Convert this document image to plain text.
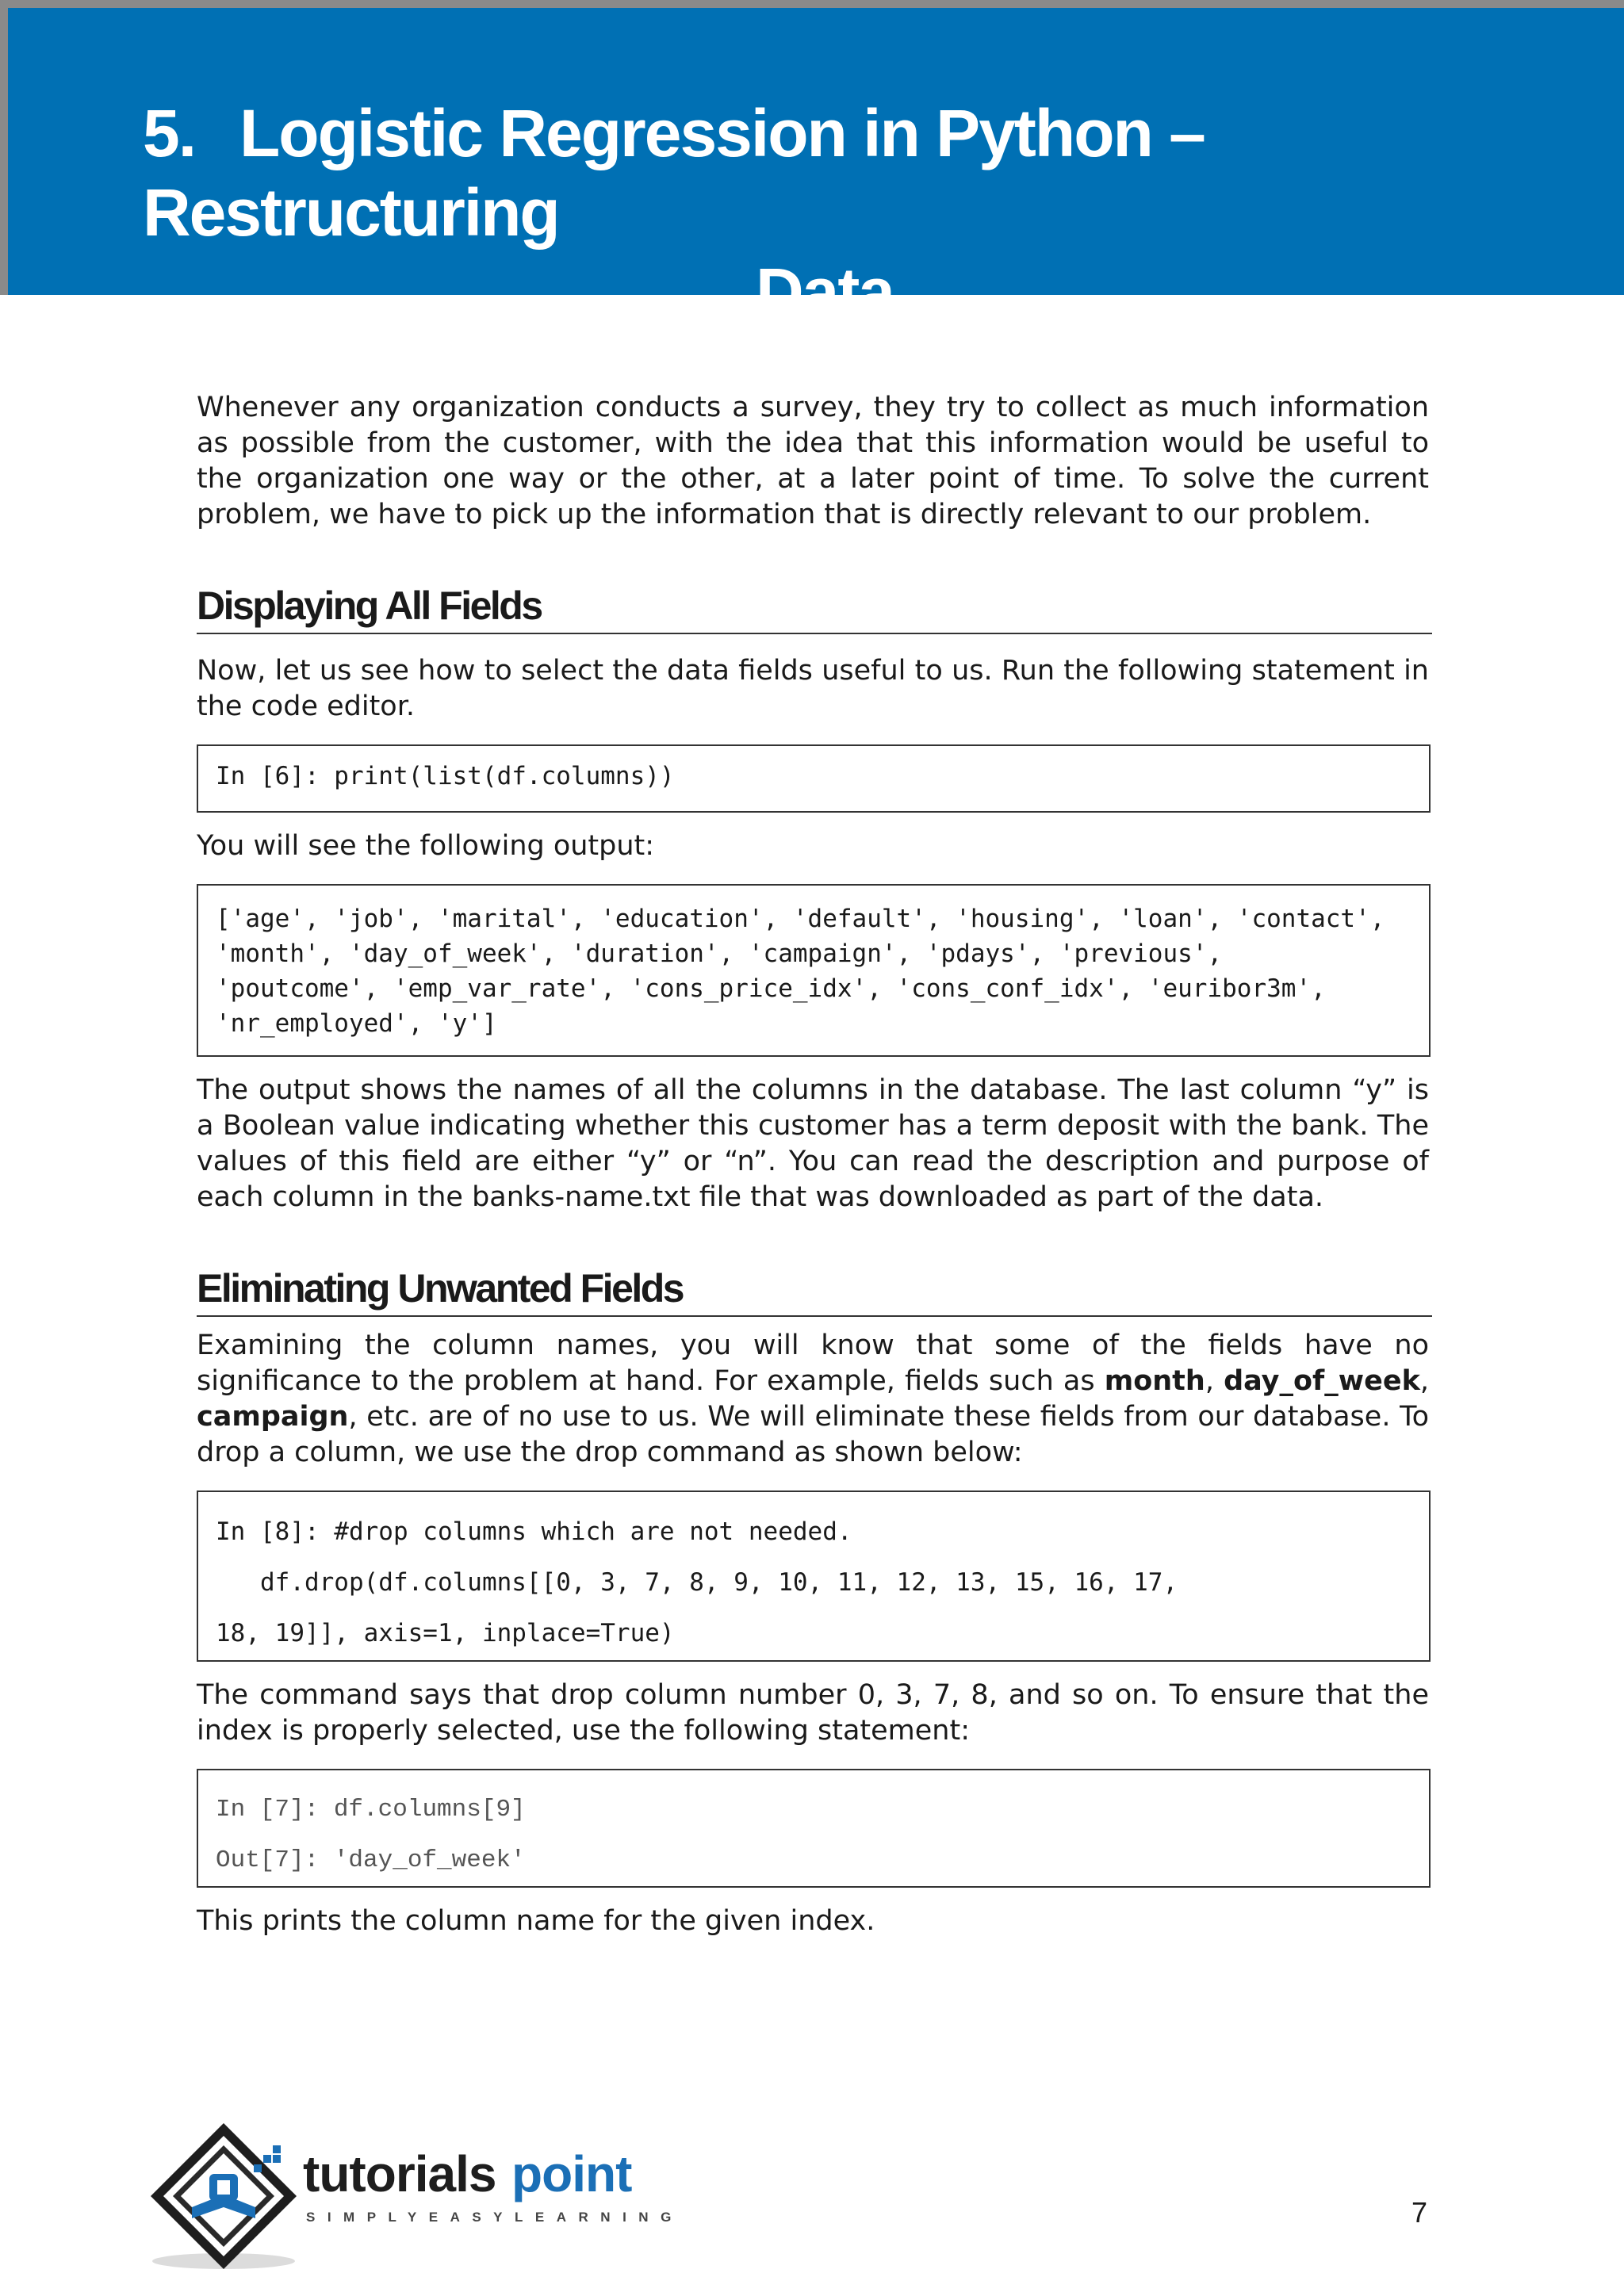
5. Logistic Regression in Python – Restructuring
Data

Whenever any organization conducts a survey, they try to collect as much information as possible from the customer, with the idea that this information would be useful to the organization one way or the other, at a later point of time. To solve the current problem, we have to pick up the information that is directly relevant to our problem.

Displaying All Fields

Now, let us see how to select the data fields useful to us. Run the following statement in the code editor.

In [6]: print(list(df.columns))

You will see the following output:

['age', 'job', 'marital', 'education', 'default', 'housing', 'loan', 'contact',
'month', 'day_of_week', 'duration', 'campaign', 'pdays', 'previous',
'poutcome', 'emp_var_rate', 'cons_price_idx', 'cons_conf_idx', 'euribor3m',
'nr_employed', 'y']

The output shows the names of all the columns in the database. The last column “y” is a Boolean value indicating whether this customer has a term deposit with the bank. The values of this field are either “y” or “n”. You can read the description and purpose of each column in the banks-name.txt file that was downloaded as part of the data.

Eliminating Unwanted Fields

Examining the column names, you will know that some of the fields have no significance to the problem at hand. For example, fields such as month, day_of_week, campaign, etc. are of no use to us. We will eliminate these fields from our database. To drop a column, we use the drop command as shown below:

In [8]: #drop columns which are not needed.
df.drop(df.columns[[0, 3, 7, 8, 9, 10, 11, 12, 13, 15, 16, 17,
18, 19]], axis=1, inplace=True)

The command says that drop column number 0, 3, 7, 8, and so on. To ensure that the index is properly selected, use the following statement:

In [7]: df.columns[9]
Out[7]: 'day_of_week'

This prints the column name for the given index.

tutorials point
SIMPLYEASYLEARNING	7
